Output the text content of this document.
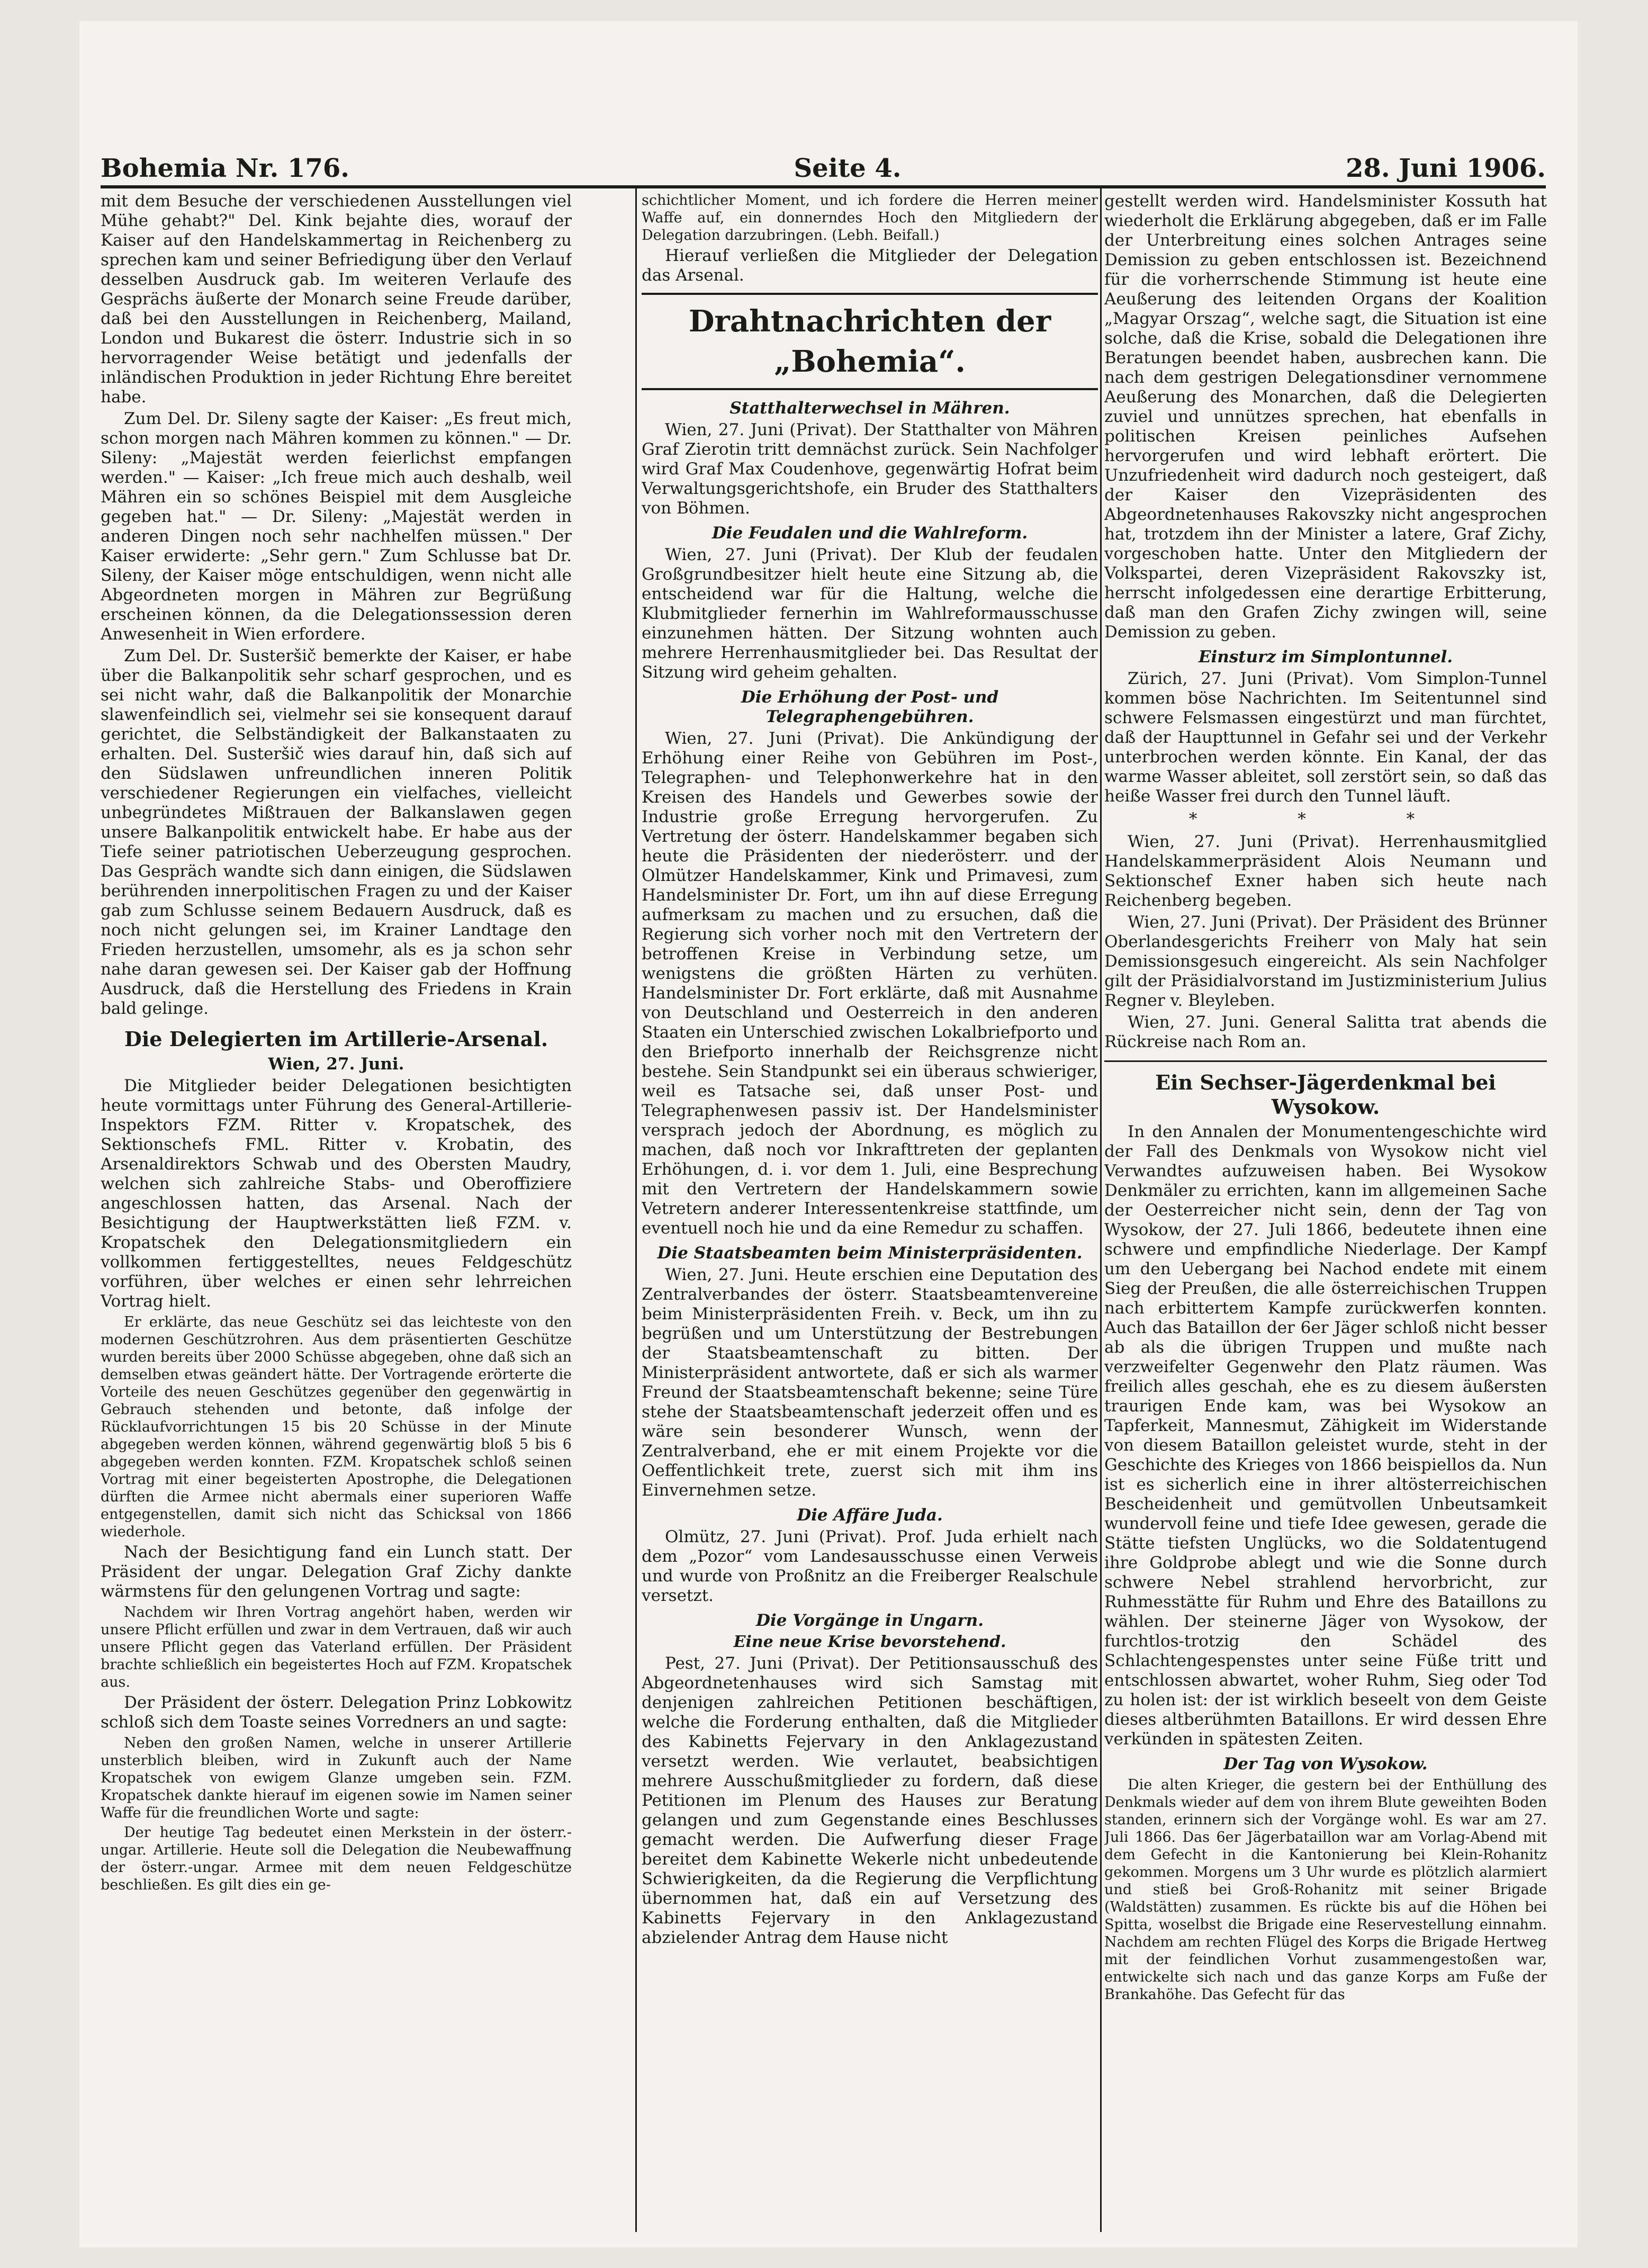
Bohemia Nr. 176.	Seite 4.	28. Juni 1906.

mit dem Besuche der verschiedenen Ausstellungen viel Mühe gehabt?" Del. Kink bejahte dies, worauf der Kaiser auf den Handelskammertag in Reichenberg zu sprechen kam und seiner Befriedigung über den Verlauf desselben Ausdruck gab. Im weiteren Verlaufe des Gesprächs äußerte der Monarch seine Freude darüber, daß bei den Ausstellungen in Reichenberg, Mailand, London und Bukarest die österr. Industrie sich in so hervorragender Weise betätigt und jedenfalls der inländischen Produktion in jeder Richtung Ehre bereitet habe.

Zum Del. Dr. Sileny sagte der Kaiser: „Es freut mich, schon morgen nach Mähren kommen zu können." — Dr. Sileny: „Majestät werden feierlichst empfangen werden." — Kaiser: „Ich freue mich auch deshalb, weil Mähren ein so schönes Beispiel mit dem Ausgleiche gegeben hat." — Dr. Sileny: „Majestät werden in anderen Dingen noch sehr nachhelfen müssen." Der Kaiser erwiderte: „Sehr gern." Zum Schlusse bat Dr. Sileny, der Kaiser möge entschuldigen, wenn nicht alle Abgeordneten morgen in Mähren zur Begrüßung erscheinen können, da die Delegationssession deren Anwesenheit in Wien erfordere.

Zum Del. Dr. Susteršič bemerkte der Kaiser, er habe über die Balkanpolitik sehr scharf gesprochen, und es sei nicht wahr, daß die Balkanpolitik der Monarchie slawenfeindlich sei, vielmehr sei sie konsequent darauf gerichtet, die Selbständigkeit der Balkanstaaten zu erhalten. Del. Susteršič wies darauf hin, daß sich auf den Südslawen unfreundlichen inneren Politik verschiedener Regierungen ein vielfaches, vielleicht unbegründetes Mißtrauen der Balkanslawen gegen unsere Balkanpolitik entwickelt habe. Er habe aus der Tiefe seiner patriotischen Ueberzeugung gesprochen. Das Gespräch wandte sich dann einigen, die Südslawen berührenden innerpolitischen Fragen zu und der Kaiser gab zum Schlusse seinem Bedauern Ausdruck, daß es noch nicht gelungen sei, im Krainer Landtage den Frieden herzustellen, umsomehr, als es ja schon sehr nahe daran gewesen sei. Der Kaiser gab der Hoffnung Ausdruck, daß die Herstellung des Friedens in Krain bald gelinge.

Die Delegierten im Artillerie-Arsenal.

Wien, 27. Juni.

Die Mitglieder beider Delegationen besichtigten heute vormittags unter Führung des General-Artillerie-Inspektors FZM. Ritter v. Kropatschek, des Sektionschefs FML. Ritter v. Krobatin, des Arsenaldirektors Schwab und des Obersten Maudry, welchen sich zahlreiche Stabs- und Oberoffiziere angeschlossen hatten, das Arsenal. Nach der Besichtigung der Hauptwerkstätten ließ FZM. v. Kropatschek den Delegationsmitgliedern ein vollkommen fertiggestelltes, neues Feldgeschütz vorführen, über welches er einen sehr lehrreichen Vortrag hielt.

Er erklärte, das neue Geschütz sei das leichteste von den modernen Geschützrohren. Aus dem präsentierten Geschütze wurden bereits über 2000 Schüsse abgegeben, ohne daß sich an demselben etwas geändert hätte. Der Vortragende erörterte die Vorteile des neuen Geschützes gegenüber den gegenwärtig in Gebrauch stehenden und betonte, daß infolge der Rücklaufvorrichtungen 15 bis 20 Schüsse in der Minute abgegeben werden können, während gegenwärtig bloß 5 bis 6 abgegeben werden konnten. FZM. Kropatschek schloß seinen Vortrag mit einer begeisterten Apostrophe, die Delegationen dürften die Armee nicht abermals einer superioren Waffe entgegenstellen, damit sich nicht das Schicksal von 1866 wiederhole.

Nach der Besichtigung fand ein Lunch statt. Der Präsident der ungar. Delegation Graf Zichy dankte wärmstens für den gelungenen Vortrag und sagte:

Nachdem wir Ihren Vortrag angehört haben, werden wir unsere Pflicht erfüllen und zwar in dem Vertrauen, daß wir auch unsere Pflicht gegen das Vaterland erfüllen. Der Präsident brachte schließlich ein begeistertes Hoch auf FZM. Kropatschek aus.

Der Präsident der österr. Delegation Prinz Lobkowitz schloß sich dem Toaste seines Vorredners an und sagte:

Neben den großen Namen, welche in unserer Artillerie unsterblich bleiben, wird in Zukunft auch der Name Kropatschek von ewigem Glanze umgeben sein. FZM. Kropatschek dankte hierauf im eigenen sowie im Namen seiner Waffe für die freundlichen Worte und sagte:

Der heutige Tag bedeutet einen Merkstein in der österr.-ungar. Artillerie. Heute soll die Delegation die Neubewaffnung der österr.-ungar. Armee mit dem neuen Feldgeschütze beschließen. Es gilt dies ein ge-

schichtlicher Moment, und ich fordere die Herren meiner Waffe auf, ein donnerndes Hoch den Mitgliedern der Delegation darzubringen. (Lebh. Beifall.)

Hierauf verließen die Mitglieder der Delegation das Arsenal.

Drahtnachrichten der „Bohemia“.
Statthalterwechsel in Mähren.

Wien, 27. Juni (Privat). Der Statthalter von Mähren Graf Zierotin tritt demnächst zurück. Sein Nachfolger wird Graf Max Coudenhove, gegenwärtig Hofrat beim Verwaltungsgerichtshofe, ein Bruder des Statthalters von Böhmen.

Die Feudalen und die Wahlreform.

Wien, 27. Juni (Privat). Der Klub der feudalen Großgrundbesitzer hielt heute eine Sitzung ab, die entscheidend war für die Haltung, welche die Klubmitglieder fernerhin im Wahlreformausschusse einzunehmen hätten. Der Sitzung wohnten auch mehrere Herrenhausmitglieder bei. Das Resultat der Sitzung wird geheim gehalten.

Die Erhöhung der Post- und Telegraphengebühren.

Wien, 27. Juni (Privat). Die Ankündigung der Erhöhung einer Reihe von Gebühren im Post-, Telegraphen- und Telephonwerkehre hat in den Kreisen des Handels und Gewerbes sowie der Industrie große Erregung hervorgerufen. Zu Vertretung der österr. Handelskammer begaben sich heute die Präsidenten der niederösterr. und der Olmützer Handelskammer, Kink und Primavesi, zum Handelsminister Dr. Fort, um ihn auf diese Erregung aufmerksam zu machen und zu ersuchen, daß die Regierung sich vorher noch mit den Vertretern der betroffenen Kreise in Verbindung setze, um wenigstens die größten Härten zu verhüten. Handelsminister Dr. Fort erklärte, daß mit Ausnahme von Deutschland und Oesterreich in den anderen Staaten ein Unterschied zwischen Lokalbriefporto und den Briefporto innerhalb der Reichsgrenze nicht bestehe. Sein Standpunkt sei ein überaus schwieriger, weil es Tatsache sei, daß unser Post- und Telegraphenwesen passiv ist. Der Handelsminister versprach jedoch der Abordnung, es möglich zu machen, daß noch vor Inkrafttreten der geplanten Erhöhungen, d. i. vor dem 1. Juli, eine Besprechung mit den Vertretern der Handelskammern sowie Vetretern anderer Interessentenkreise stattfinde, um eventuell noch hie und da eine Remedur zu schaffen.

Die Staatsbeamten beim Ministerpräsidenten.

Wien, 27. Juni. Heute erschien eine Deputation des Zentralverbandes der österr. Staatsbeamtenvereine beim Ministerpräsidenten Freih. v. Beck, um ihn zu begrüßen und um Unterstützung der Bestrebungen der Staatsbeamtenschaft zu bitten. Der Ministerpräsident antwortete, daß er sich als warmer Freund der Staatsbeamtenschaft bekenne; seine Türe stehe der Staatsbeamtenschaft jederzeit offen und es wäre sein besonderer Wunsch, wenn der Zentralverband, ehe er mit einem Projekte vor die Oeffentlichkeit trete, zuerst sich mit ihm ins Einvernehmen setze.

Die Affäre Juda.

Olmütz, 27. Juni (Privat). Prof. Juda erhielt nach dem „Pozor“ vom Landesausschusse einen Verweis und wurde von Proßnitz an die Freiberger Realschule versetzt.

Die Vorgänge in Ungarn.
Eine neue Krise bevorstehend.

Pest, 27. Juni (Privat). Der Petitionsausschuß des Abgeordnetenhauses wird sich Samstag mit denjenigen zahlreichen Petitionen beschäftigen, welche die Forderung enthalten, daß die Mitglieder des Kabinetts Fejervary in den Anklagezustand versetzt werden. Wie verlautet, beabsichtigen mehrere Ausschußmitglieder zu fordern, daß diese Petitionen im Plenum des Hauses zur Beratung gelangen und zum Gegenstande eines Beschlusses gemacht werden. Die Aufwerfung dieser Frage bereitet dem Kabinette Wekerle nicht unbedeutende Schwierigkeiten, da die Regierung die Verpflichtung übernommen hat, daß ein auf Versetzung des Kabinetts Fejervary in den Anklagezustand abzielender Antrag dem Hause nicht

gestellt werden wird. Handelsminister Kossuth hat wiederholt die Erklärung abgegeben, daß er im Falle der Unterbreitung eines solchen Antrages seine Demission zu geben entschlossen ist. Bezeichnend für die vorherrschende Stimmung ist heute eine Aeußerung des leitenden Organs der Koalition „Magyar Orszag“, welche sagt, die Situation ist eine solche, daß die Krise, sobald die Delegationen ihre Beratungen beendet haben, ausbrechen kann. Die nach dem gestrigen Delegationsdiner vernommene Aeußerung des Monarchen, daß die Delegierten zuviel und unnützes sprechen, hat ebenfalls in politischen Kreisen peinliches Aufsehen hervorgerufen und wird lebhaft erörtert. Die Unzufriedenheit wird dadurch noch gesteigert, daß der Kaiser den Vizepräsidenten des Abgeordnetenhauses Rakovszky nicht angesprochen hat, trotzdem ihn der Minister a latere, Graf Zichy, vorgeschoben hatte. Unter den Mitgliedern der Volkspartei, deren Vizepräsident Rakovszky ist, herrscht infolgedessen eine derartige Erbitterung, daß man den Grafen Zichy zwingen will, seine Demission zu geben.

Einsturz im Simplontunnel.

Zürich, 27. Juni (Privat). Vom Simplon-Tunnel kommen böse Nachrichten. Im Seitentunnel sind schwere Felsmassen eingestürzt und man fürchtet, daß der Haupttunnel in Gefahr sei und der Verkehr unterbrochen werden könnte. Ein Kanal, der das warme Wasser ableitet, soll zerstört sein, so daß das heiße Wasser frei durch den Tunnel läuft.

* * *

Wien, 27. Juni (Privat). Herrenhausmitglied Handelskammerpräsident Alois Neumann und Sektionschef Exner haben sich heute nach Reichenberg begeben.

Wien, 27. Juni (Privat). Der Präsident des Brünner Oberlandesgerichts Freiherr von Maly hat sein Demissionsgesuch eingereicht. Als sein Nachfolger gilt der Präsidialvorstand im Justizministerium Julius Regner v. Bleyleben.

Wien, 27. Juni. General Salitta trat abends die Rückreise nach Rom an.

Ein Sechser-Jägerdenkmal bei Wysokow.

In den Annalen der Monumentengeschichte wird der Fall des Denkmals von Wysokow nicht viel Verwandtes aufzuweisen haben. Bei Wysokow Denkmäler zu errichten, kann im allgemeinen Sache der Oesterreicher nicht sein, denn der Tag von Wysokow, der 27. Juli 1866, bedeutete ihnen eine schwere und empfindliche Niederlage. Der Kampf um den Uebergang bei Nachod endete mit einem Sieg der Preußen, die alle österreichischen Truppen nach erbittertem Kampfe zurückwerfen konnten. Auch das Bataillon der 6er Jäger schloß nicht besser ab als die übrigen Truppen und mußte nach verzweifelter Gegenwehr den Platz räumen. Was freilich alles geschah, ehe es zu diesem äußersten traurigen Ende kam, was bei Wysokow an Tapferkeit, Mannesmut, Zähigkeit im Widerstande von diesem Bataillon geleistet wurde, steht in der Geschichte des Krieges von 1866 beispiellos da. Nun ist es sicherlich eine in ihrer altösterreichischen Bescheidenheit und gemütvollen Unbeutsamkeit wundervoll feine und tiefe Idee gewesen, gerade die Stätte tiefsten Unglücks, wo die Soldatentugend ihre Goldprobe ablegt und wie die Sonne durch schwere Nebel strahlend hervorbricht, zur Ruhmesstätte für Ruhm und Ehre des Bataillons zu wählen. Der steinerne Jäger von Wysokow, der furchtlos-trotzig den Schädel des Schlachtengespenstes unter seine Füße tritt und entschlossen abwartet, woher Ruhm, Sieg oder Tod zu holen ist: der ist wirklich beseelt von dem Geiste dieses altberühmten Bataillons. Er wird dessen Ehre verkünden in spätesten Zeiten.

Der Tag von Wysokow.

Die alten Krieger, die gestern bei der Enthüllung des Denkmals wieder auf dem von ihrem Blute geweihten Boden standen, erinnern sich der Vorgänge wohl. Es war am 27. Juli 1866. Das 6er Jägerbataillon war am Vorlag-Abend mit dem Gefecht in die Kantonierung bei Klein-Rohanitz gekommen. Morgens um 3 Uhr wurde es plötzlich alarmiert und stieß bei Groß-Rohanitz mit seiner Brigade (Waldstätten) zusammen. Es rückte bis auf die Höhen bei Spitta, woselbst die Brigade eine Reservestellung einnahm. Nachdem am rechten Flügel des Korps die Brigade Hertweg mit der feindlichen Vorhut zusammengestoßen war, entwickelte sich nach und das ganze Korps am Fuße der Brankahöhe. Das Gefecht für das
